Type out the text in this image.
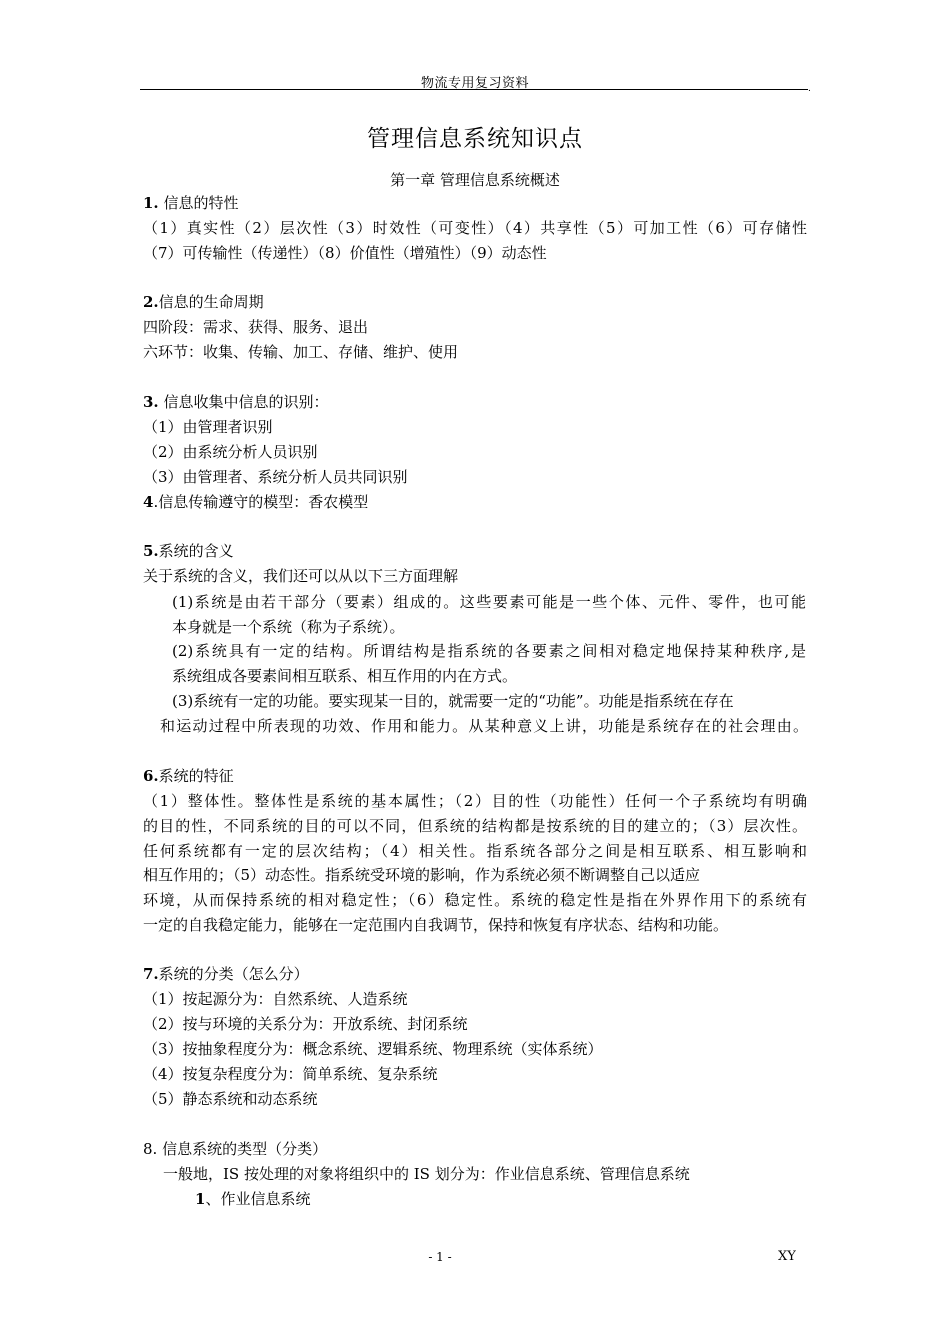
物流专用复习资料	.
管理信息系统知识点
第一章 管理信息系统概述
1. 信息的特性
（1）真实性（2）层次性（3）时效性（可变性）（4）共享性（5）可加工性（6）可存储性
（7）可传输性（传递性）（8）价值性（增殖性）（9）动态性
2.信息的生命周期
四阶段：需求、获得、服务、退出
六环节：收集、传输、加工、存储、维护、使用
3. 信息收集中信息的识别：
（1）由管理者识别
（2）由系统分析人员识别
（3）由管理者、系统分析人员共同识别
4.信息传输遵守的模型：香农模型
5.系统的含义
关于系统的含义，我们还可以从以下三方面理解
(1)系统是由若干部分（要素）组成的。这些要素可能是一些个体、元件、零件，也可能
本身就是一个系统（称为子系统）。
(2)系统具有一定的结构。所谓结构是指系统的各要素之间相对稳定地保持某种秩序,是
系统组成各要素间相互联系、相互作用的内在方式。
(3)系统有一定的功能。要实现某一目的，就需要一定的“功能”。功能是指系统在存在
和运动过程中所表现的功效、作用和能力。从某种意义上讲，功能是系统存在的社会理由。
6.系统的特征
（1）整体性。整体性是系统的基本属性；（2）目的性（功能性）任何一个子系统均有明确
的目的性，不同系统的目的可以不同，但系统的结构都是按系统的目的建立的；（3）层次性。
任何系统都有一定的层次结构；（4）相关性。指系统各部分之间是相互联系、相互影响和
相互作用的；（5）动态性。指系统受环境的影响，作为系统必须不断调整自己以适应
环境，从而保持系统的相对稳定性；（6）稳定性。系统的稳定性是指在外界作用下的系统有
一定的自我稳定能力，能够在一定范围内自我调节，保持和恢复有序状态、结构和功能。
7.系统的分类（怎么分）
（1）按起源分为：自然系统、人造系统
（2）按与环境的关系分为：开放系统、封闭系统
（3）按抽象程度分为：概念系统、逻辑系统、物理系统（实体系统）
（4）按复杂程度分为：简单系统、复杂系统
（5）静态系统和动态系统
8. 信息系统的类型（分类）
一般地，IS 按处理的对象将组织中的 IS 划分为：作业信息系统、管理信息系统
1、作业信息系统
- 1 -	XY
